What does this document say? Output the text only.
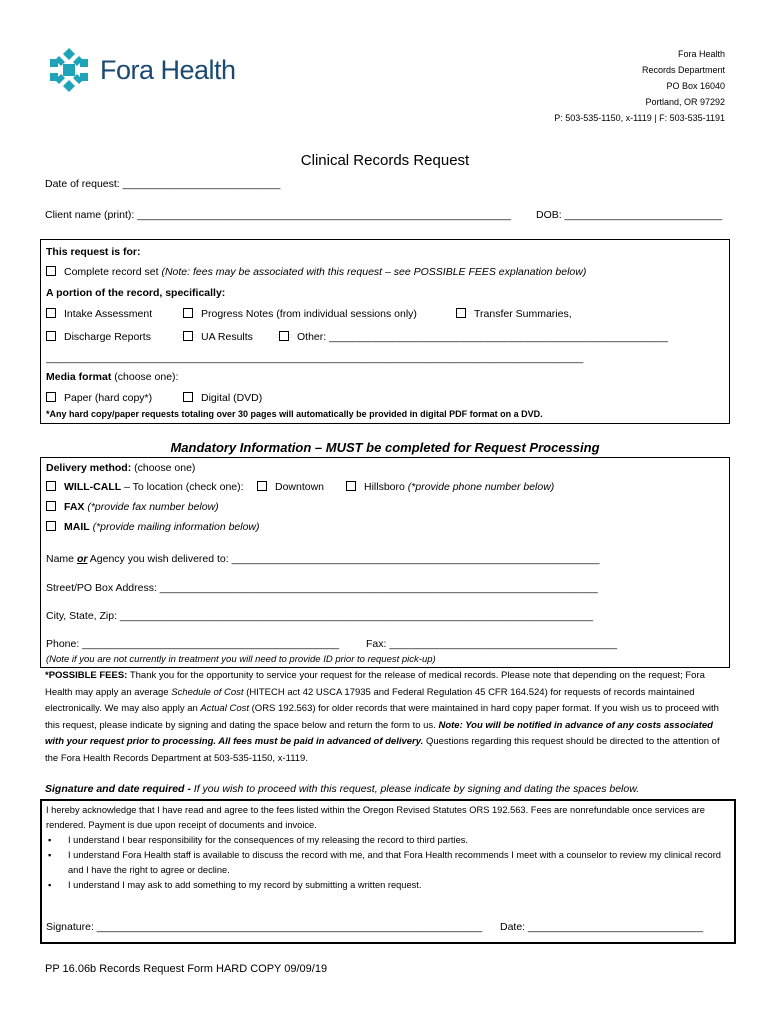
Fora Health
Fora Health
Records Department
PO Box 16040
Portland, OR 97292
P: 503-535-1150, x-1119 | F: 503-535-1191
Clinical Records Request
Date of request: ___________________________
Client name (print): ________________________________________________________________ DOB: ___________________________
This request is for:
Complete record set (Note: fees may be associated with this request – see POSSIBLE FEES explanation below)
A portion of the record, specifically:
Intake Assessment	Progress Notes (from individual sessions only)	Transfer Summaries,
Discharge Reports	UA Results	Other: __________________________________________________________
____________________________________________________________________________________________
Media format (choose one):
Paper (hard copy*)	Digital (DVD)
*Any hard copy/paper requests totaling over 30 pages will automatically be provided in digital PDF format on a DVD.
Mandatory Information – MUST be completed for Request Processing
Delivery method: (choose one)
WILL-CALL – To location (check one):	Downtown	Hillsboro (*provide phone number below)
FAX (*provide fax number below)
MAIL (*provide mailing information below)
Name or Agency you wish delivered to: _______________________________________________________________
Street/PO Box Address: ___________________________________________________________________________
City, State, Zip: _________________________________________________________________________________
Phone: ____________________________________________	Fax: _______________________________________
(Note if you are not currently in treatment you will need to provide ID prior to request pick-up)
*POSSIBLE FEES: Thank you for the opportunity to service your request for the release of medical records. Please note that depending on the request; Fora Health may apply an average Schedule of Cost (HITECH act 42 USCA 17935 and Federal Regulation 45 CFR 164.524) for requests of records maintained electronically. We may also apply an Actual Cost (ORS 192.563) for older records that were maintained in hard copy paper format. If you wish us to proceed with this request, please indicate by signing and dating the space below and return the form to us. Note: You will be notified in advance of any costs associated with your request prior to processing. All fees must be paid in advanced of delivery. Questions regarding this request should be directed to the attention of the Fora Health Records Department at 503-535-1150, x-1119.
Signature and date required - If you wish to proceed with this request, please indicate by signing and dating the spaces below.
I hereby acknowledge that I have read and agree to the fees listed within the Oregon Revised Statutes ORS 192.563. Fees are nonrefundable once services are rendered. Payment is due upon receipt of documents and invoice.
▪ I understand I bear responsibility for the consequences of my releasing the record to third parties.
▪ I understand Fora Health staff is available to discuss the record with me, and that Fora Health recommends I meet with a counselor to review my clinical record and I have the right to agree or decline.
▪ I understand I may ask to add something to my record by submitting a written request.
Signature: __________________________________________________________________ Date: ______________________________
PP 16.06b Records Request Form HARD COPY 09/09/19
